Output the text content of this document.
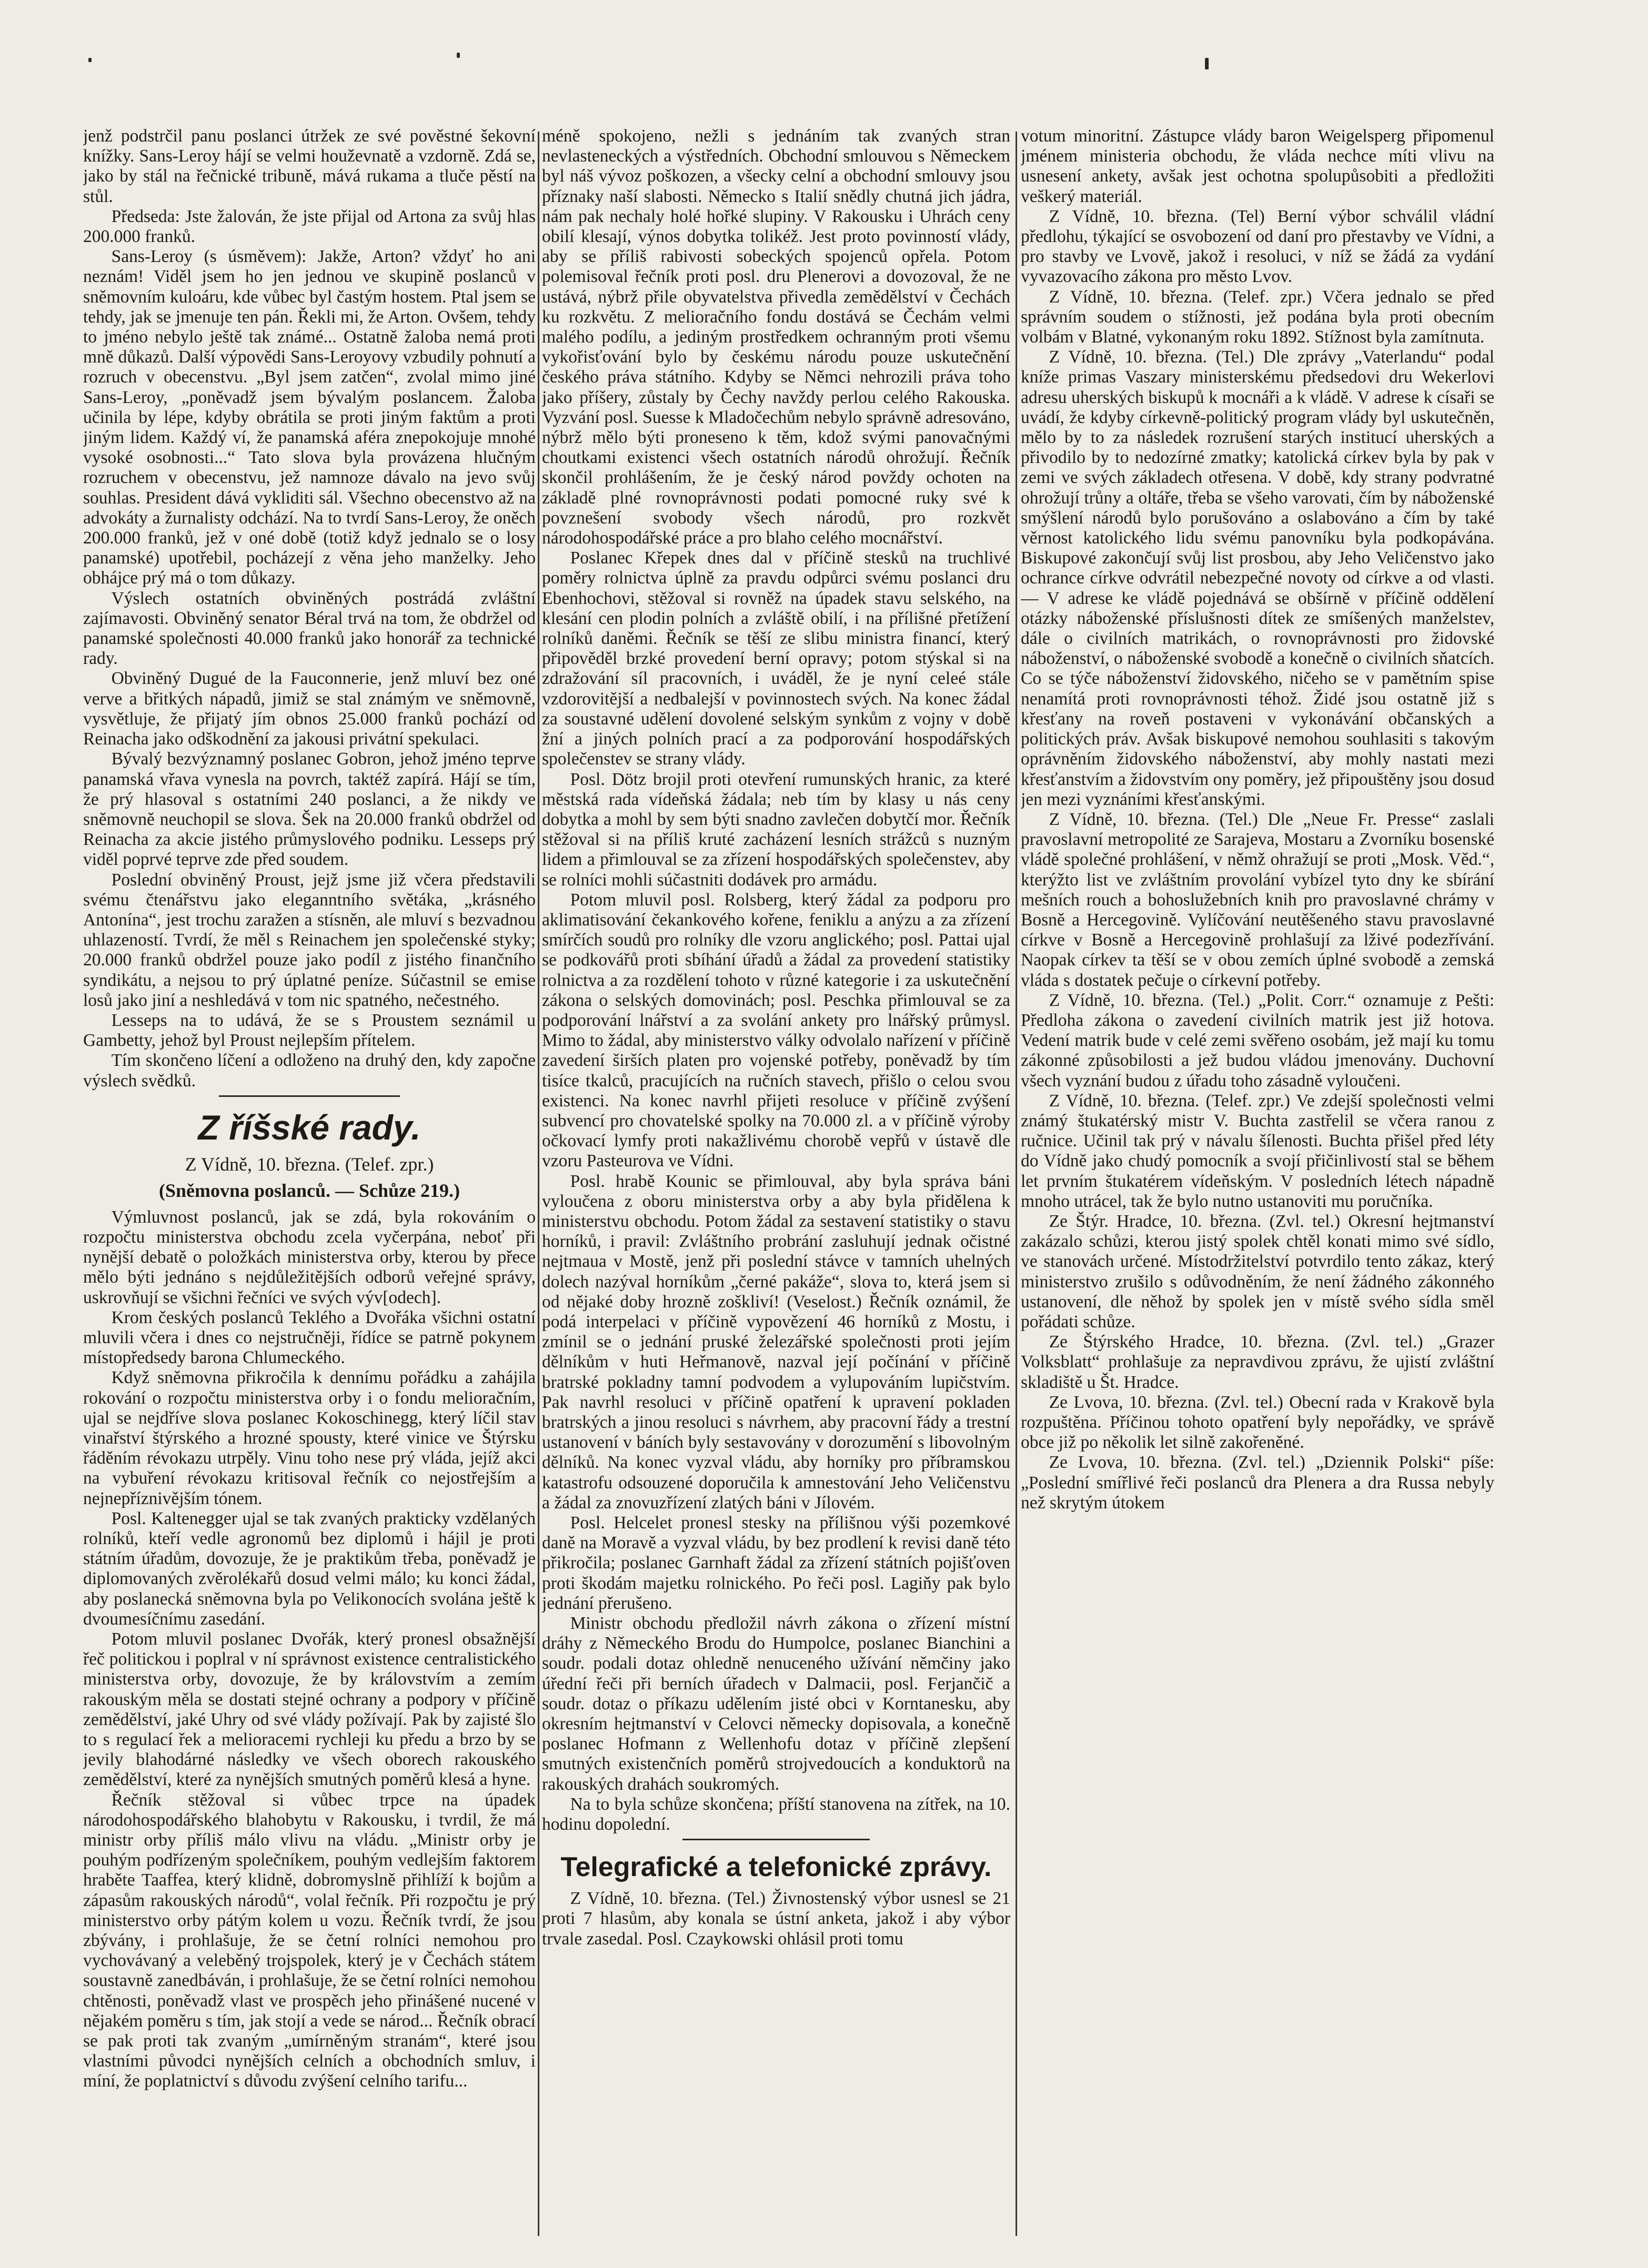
jenž podstrčil panu poslanci útržek ze své pověstné šekovní knížky. Sans-Leroy hájí se velmi houževnatě a vzdorně. Zdá se, jako by stál na řečnické tribuně, mává rukama a tluče pěstí na stůl.

Předseda: Jste žalován, že jste přijal od Artona za svůj hlas 200.000 franků.

Sans-Leroy (s úsměvem): Jakže, Arton? vždyť ho ani neznám! Viděl jsem ho jen jednou ve skupině poslanců v sněmovním kuloáru, kde vůbec byl častým hostem. Ptal jsem se tehdy, jak se jmenuje ten pán. Řekli mi, že Arton. Ovšem, tehdy to jméno nebylo ještě tak známé... Ostatně žaloba nemá proti mně důkazů. Další výpovědi Sans-Leroyovy vzbudily pohnutí a rozruch v obecenstvu. „Byl jsem zatčen“, zvolal mimo jiné Sans-Leroy, „poněvadž jsem bývalým poslancem. Žaloba učinila by lépe, kdyby obrátila se proti jiným faktům a proti jiným lidem. Každý ví, že panamská aféra znepokojuje mnohé vysoké osobnosti...“ Tato slova byla provázena hlučným rozruchem v obecenstvu, jež namnoze dávalo na jevo svůj souhlas. President dává vykliditi sál. Všechno obecenstvo až na advokáty a žurnalisty odchází. Na to tvrdí Sans-Leroy, že oněch 200.000 franků, jež v oné době (totiž když jednalo se o losy panamské) upotřebil, pocházejí z věna jeho manželky. Jeho obhájce prý má o tom důkazy.

Výslech ostatních obviněných postrádá zvláštní zajímavosti. Obviněný senator Béral trvá na tom, že obdržel od panamské společnosti 40.000 franků jako honorář za technické rady.

Obviněný Dugué de la Fauconnerie, jenž mluví bez oné verve a břitkých nápadů, jimiž se stal známým ve sněmovně, vysvětluje, že přijatý jím obnos 25.000 franků pochází od Reinacha jako odškodnění za jakousi privátní spekulaci.

Bývalý bezvýznamný poslanec Gobron, jehož jméno teprve panamská vřava vynesla na povrch, taktéž zapírá. Hájí se tím, že prý hlasoval s ostatními 240 poslanci, a že nikdy ve sněmovně neuchopil se slova. Šek na 20.000 franků obdržel od Reinacha za akcie jistého průmyslového podniku. Lesseps prý viděl poprvé teprve zde před soudem.

Poslední obviněný Proust, jejž jsme již včera představili svému čtenářstvu jako eleganntního světáka, „krásného Antonína“, jest trochu zaražen a stísněn, ale mluví s bezvadnou uhlazeností. Tvrdí, že měl s Reinachem jen společenské styky; 20.000 franků obdržel pouze jako podíl z jistého finančního syndikátu, a nejsou to prý úplatné peníze. Súčastnil se emise losů jako jiní a neshledává v tom nic spatného, nečestného.

Lesseps na to udává, že se s Proustem seznámil u Gambetty, jehož byl Proust nejlepším přítelem.

Tím skončeno líčení a odloženo na druhý den, kdy započne výslech svědků.

Z říšské rady.
Z Vídně, 10. března. (Telef. zpr.)
(Sněmovna poslanců. — Schůze 219.)

Výmluvnost poslanců, jak se zdá, byla rokováním o rozpočtu ministerstva obchodu zcela vyčerpána, neboť při nynější debatě o položkách ministerstva orby, kterou by přece mělo býti jednáno s nejdůležitějších odborů veřejné správy, uskrovňují se všichni řečníci ve svých výv[odech].

Krom českých poslanců Teklého a Dvořáka všichni ostatní mluvili včera i dnes co nejstručněji, řídíce se patrně pokynem místopředsedy barona Chlumeckého.

Když sněmovna přikročila k dennímu pořádku a zahájila rokování o rozpočtu ministerstva orby i o fondu melioračním, ujal se nejdříve slova poslanec Kokoschinegg, který líčil stav vinařství štýrského a hrozné spousty, které vinice ve Štýrsku řáděním révokazu utrpěly. Vinu toho nese prý vláda, jejíž akci na vybuření révokazu kritisoval řečník co nejostřejším a nejnepříznivějším tónem.

Posl. Kaltenegger ujal se tak zvaných prakticky vzdělaných rolníků, kteří vedle agronomů bez diplomů i hájil je proti státním úřadům, dovozuje, že je praktikům třeba, poněvadž je diplomovaných zvěrolékařů dosud velmi málo; ku konci žádal, aby poslanecká sněmovna byla po Velikonocích svolána ještě k dvoumesíčnímu zasedání.

Potom mluvil poslanec Dvořák, který pronesl obsažnější řeč politickou i poplral v ní správnost existence centralistického ministerstva orby, dovozuje, že by královstvím a zemím rakouským měla se dostati stejné ochrany a podpory v příčině zemědělství, jaké Uhry od své vlády požívají. Pak by zajisté šlo to s regulací řek a melioracemi rychleji ku předu a brzo by se jevily blahodárné následky ve všech oborech rakouského zemědělství, které za nynějších smutných poměrů klesá a hyne.

Řečník stěžoval si vůbec trpce na úpadek národohospodářského blahobytu v Rakousku, i tvrdil, že má ministr orby příliš málo vlivu na vládu. „Ministr orby je pouhým podřízeným společníkem, pouhým vedlejším faktorem hraběte Taaffea, který klidně, dobromyslně přihlíží k bojům a zápasům rakouských národů“, volal řečník. Při rozpočtu je prý ministerstvo orby pátým kolem u vozu. Řečník tvrdí, že jsou zbývány, i prohlašuje, že se četní rolníci nemohou pro vychovávaný a veleběný trojspolek, který je v Čechách státem soustavně zanedbáván, i prohlašuje, že se četní rolníci nemohou chtěnosti, poněvadž vlast ve prospěch jeho přinášené nucené v nějakém poměru s tím, jak stojí a vede se národ... Řečník obrací se pak proti tak zvaným „umírněným stranám“, které jsou vlastními původci nynějších celních a obchodních smluv, i míní, že poplatnictví s důvodu zvýšení celního tarifu...

méně spokojeno, nežli s jednáním tak zvaných stran nevlasteneckých a výstředních. Obchodní smlouvou s Německem byl náš vývoz poškozen, a všecky celní a obchodní smlouvy jsou příznaky naší slabosti. Německo s Italií snědly chutná jich jádra, nám pak nechaly holé hořké slupiny. V Rakousku i Uhrách ceny obilí klesají, výnos dobytka tolikéž. Jest proto povinností vlády, aby se příliš rabivosti sobeckých spojenců opřela. Potom polemisoval řečník proti posl. dru Plenerovi a dovozoval, že ne ustává, nýbrž přile obyvatelstva přivedla zemědělství v Čechách ku rozkvětu. Z melioračního fondu dostává se Čechám velmi malého podílu, a jediným prostředkem ochranným proti všemu vykořisťování bylo by českému národu pouze uskutečnění českého práva státního. Kdyby se Němci nehrozili práva toho jako příšery, zůstaly by Čechy navždy perlou celého Rakouska. Vyzvání posl. Suesse k Mladočechům nebylo správně adresováno, nýbrž mělo býti proneseno k těm, kdož svými panovačnými choutkami existenci všech ostatních národů ohrožují. Řečník skončil prohlášením, že je český národ povždy ochoten na základě plné rovnoprávnosti podati pomocné ruky své k povznešení svobody všech národů, pro rozkvět národohospodářské práce a pro blaho celého mocnářství.

Poslanec Křepek dnes dal v příčině stesků na truchlivé poměry rolnictva úplně za pravdu odpůrci svému poslanci dru Ebenhochovi, stěžoval si rovněž na úpadek stavu selského, na klesání cen plodin polních a zvláště obilí, i na přílišné přetížení rolníků daněmi. Řečník se těší ze slibu ministra financí, který připověděl brzké provedení berní opravy; potom stýskal si na zdražování síl pracovních, i uváděl, že je nyní celeé stále vzdorovitější a nedbalejší v povinnostech svých. Na konec žádal za soustavné udělení dovolené selským synkům z vojny v době žní a jiných polních prací a za podporování hospodářských společenstev se strany vlády.

Posl. Dötz brojil proti otevření rumunských hranic, za které městská rada vídeňská žádala; neb tím by klasy u nás ceny dobytka a mohl by sem býti snadno zavlečen dobytčí mor. Řečník stěžoval si na příliš kruté zacházení lesních strážců s nuzným lidem a přimlouval se za zřízení hospodářských společenstev, aby se rolníci mohli súčastniti dodávek pro armádu.

Potom mluvil posl. Rolsberg, který žádal za podporu pro aklimatisování čekankového kořene, feniklu a anýzu a za zřízení smírčích soudů pro rolníky dle vzoru anglického; posl. Pattai ujal se podkovářů proti sbíhání úřadů a žádal za provedení statistiky rolnictva a za rozdělení tohoto v různé kategorie i za uskutečnění zákona o selských domovinách; posl. Peschka přimlouval se za podporování lnářství a za svolání ankety pro lnářský průmysl. Mimo to žádal, aby ministerstvo války odvolalo nařízení v příčině zavedení širších platen pro vojenské potřeby, poněvadž by tím tisíce tkalců, pracujících na ručních stavech, přišlo o celou svou existenci. Na konec navrhl přijeti resoluce v příčině zvýšení subvencí pro chovatelské spolky na 70.000 zl. a v příčině výroby očkovací lymfy proti nakažlivému chorobě vepřů v ústavě dle vzoru Pasteurova ve Vídni.

Posl. hrabě Kounic se přimlouval, aby byla správa báni vyloučena z oboru ministerstva orby a aby byla přidělena k ministerstvu obchodu. Potom žádal za sestavení statistiky o stavu horníků, i pravil: Zvláštního probrání zasluhují jednak očistné nejtmaua v Mostě, jenž při poslední stávce v tamních uhelných dolech nazýval horníkům „černé pakáže“, slova to, která jsem si od nějaké doby hrozně zoškliví! (Veselost.) Řečník oznámil, že podá interpelaci v příčině vypovězení 46 horníků z Mostu, i zmínil se o jednání pruské železářské společnosti proti jejím dělníkům v huti Heřmanově, nazval její počínání v příčině bratrské pokladny tamní podvodem a vylupováním lupičstvím. Pak navrhl resoluci v příčině opatření k upravení pokladen bratrských a jinou resoluci s návrhem, aby pracovní řády a trestní ustanovení v báních byly sestavovány v dorozumění s libovolným dělníků. Na konec vyzval vládu, aby horníky pro příbramskou katastrofu odsouzené doporučila k amnestování Jeho Veličenstvu a žádal za znovuzřízení zlatých báni v Jílovém.

Posl. Helcelet pronesl stesky na přílišnou výši pozemkové daně na Moravě a vyzval vládu, by bez prodlení k revisi daně této přikročila; poslanec Garnhaft žádal za zřízení státních pojišťoven proti škodám majetku rolnického. Po řeči posl. Lagiňy pak bylo jednání přerušeno.

Ministr obchodu předložil návrh zákona o zřízení místní dráhy z Německého Brodu do Humpolce, poslanec Bianchini a soudr. podali dotaz ohledně nenuceného užívání němčiny jako úřední řeči při berních úřadech v Dalmacii, posl. Ferjančič a soudr. dotaz o příkazu udělením jisté obci v Korntanesku, aby okresním hejtmanství v Celovci německy dopisovala, a konečně poslanec Hofmann z Wellenhofu dotaz v příčině zlepšení smutných existenčních poměrů strojvedoucích a konduktorů na rakouských drahách soukromých.

Na to byla schůze skončena; příští stanovena na zítřek, na 10. hodinu dopolední.

Telegrafické a telefonické zprávy.

Z Vídně, 10. března. (Tel.) Živnostenský výbor usnesl se 21 proti 7 hlasům, aby konala se ústní anketa, jakož i aby výbor trvale zasedal. Posl. Czaykowski ohlásil proti tomu

votum minoritní. Zástupce vlády baron Weigelsperg připomenul jménem ministeria obchodu, že vláda nechce míti vlivu na usnesení ankety, avšak jest ochotna spolupůsobiti a předložiti veškerý materiál.

Z Vídně, 10. března. (Tel) Berní výbor schválil vládní předlohu, týkající se osvobození od daní pro přestavby ve Vídni, a pro stavby ve Lvově, jakož i resoluci, v níž se žádá za vydání vyvazovacího zákona pro město Lvov.

Z Vídně, 10. března. (Telef. zpr.) Včera jednalo se před správním soudem o stížnosti, jež podána byla proti obecním volbám v Blatné, vykonaným roku 1892. Stížnost byla zamítnuta.

Z Vídně, 10. března. (Tel.) Dle zprávy „Vaterlandu“ podal kníže primas Vaszary ministerskému předsedovi dru Wekerlovi adresu uherských biskupů k mocnáři a k vládě. V adrese k císaři se uvádí, že kdyby církevně-politický program vlády byl uskutečněn, mělo by to za následek rozrušení starých institucí uherských a přivodilo by to nedozírné zmatky; katolická církev byla by pak v zemi ve svých základech otřesena. V době, kdy strany podvratné ohrožují trůny a oltáře, třeba se všeho varovati, čím by náboženské smýšlení národů bylo porušováno a oslabováno a čím by také věrnost katolického lidu svému panovníku byla podkopávána. Biskupové zakončují svůj list prosbou, aby Jeho Veličenstvo jako ochrance církve odvrátil nebezpečné novoty od církve a od vlasti. — V adrese ke vládě pojednává se obšírně v příčině oddělení otázky náboženské příslušnosti dítek ze smíšených manželstev, dále o civilních matrikách, o rovnoprávnosti pro židovské náboženství, o náboženské svobodě a konečně o civilních sňatcích. Co se týče náboženství židovského, ničeho se v pamětním spise nenamítá proti rovnoprávnosti téhož. Židé jsou ostatně již s křesťany na roveň postaveni v vykonávání občanských a politických práv. Avšak biskupové nemohou souhlasiti s takovým oprávněním židovského náboženství, aby mohly nastati mezi křesťanstvím a židovstvím ony poměry, jež připouštěny jsou dosud jen mezi vyznáními křesťanskými.

Z Vídně, 10. března. (Tel.) Dle „Neue Fr. Presse“ zaslali pravoslavní metropolité ze Sarajeva, Mostaru a Zvorníku bosenské vládě společné prohlášení, v němž ohražují se proti „Mosk. Věd.“, kterýžto list ve zvláštním provolání vybízel tyto dny ke sbírání mešních rouch a bohoslužebních knih pro pravoslavné chrámy v Bosně a Hercegovině. Vylíčování neutěšeného stavu pravoslavné církve v Bosně a Hercegovině prohlašují za lživé podezřívání. Naopak církev ta těší se v obou zemích úplné svobodě a zemská vláda s dostatek pečuje o církevní potřeby.

Z Vídně, 10. března. (Tel.) „Polit. Corr.“ oznamuje z Pešti: Předloha zákona o zavedení civilních matrik jest již hotova. Vedení matrik bude v celé zemi svěřeno osobám, jež mají ku tomu zákonné způsobilosti a jež budou vládou jmenovány. Duchovní všech vyznání budou z úřadu toho zásadně vyloučeni.

Z Vídně, 10. března. (Telef. zpr.) Ve zdejší společnosti velmi známý štukatérský mistr V. Buchta zastřelil se včera ranou z ručnice. Učinil tak prý v návalu šílenosti. Buchta přišel před léty do Vídně jako chudý pomocník a svojí přičinlivostí stal se během let prvním štukatérem vídeňským. V posledních létech nápadně mnoho utrácel, tak že bylo nutno ustanoviti mu poručníka.

Ze Štýr. Hradce, 10. března. (Zvl. tel.) Okresní hejtmanství zakázalo schůzi, kterou jistý spolek chtěl konati mimo své sídlo, ve stanovách určené. Místodržitelství potvrdilo tento zákaz, který ministerstvo zrušilo s odůvodněním, že není žádného zákonného ustanovení, dle něhož by spolek jen v místě svého sídla směl pořádati schůze.

Ze Štýrského Hradce, 10. března. (Zvl. tel.) „Grazer Volksblatt“ prohlašuje za nepravdivou zprávu, že ujistí zvláštní skladiště u Št. Hradce.

Ze Lvova, 10. března. (Zvl. tel.) Obecní rada v Krakově byla rozpuštěna. Příčinou tohoto opatření byly nepořádky, ve správě obce již po několik let silně zakořeněné.

Ze Lvova, 10. března. (Zvl. tel.) „Dziennik Polski“ píše: „Poslední smířlivé řeči poslanců dra Plenera a dra Russa nebyly než skrytým útokem
